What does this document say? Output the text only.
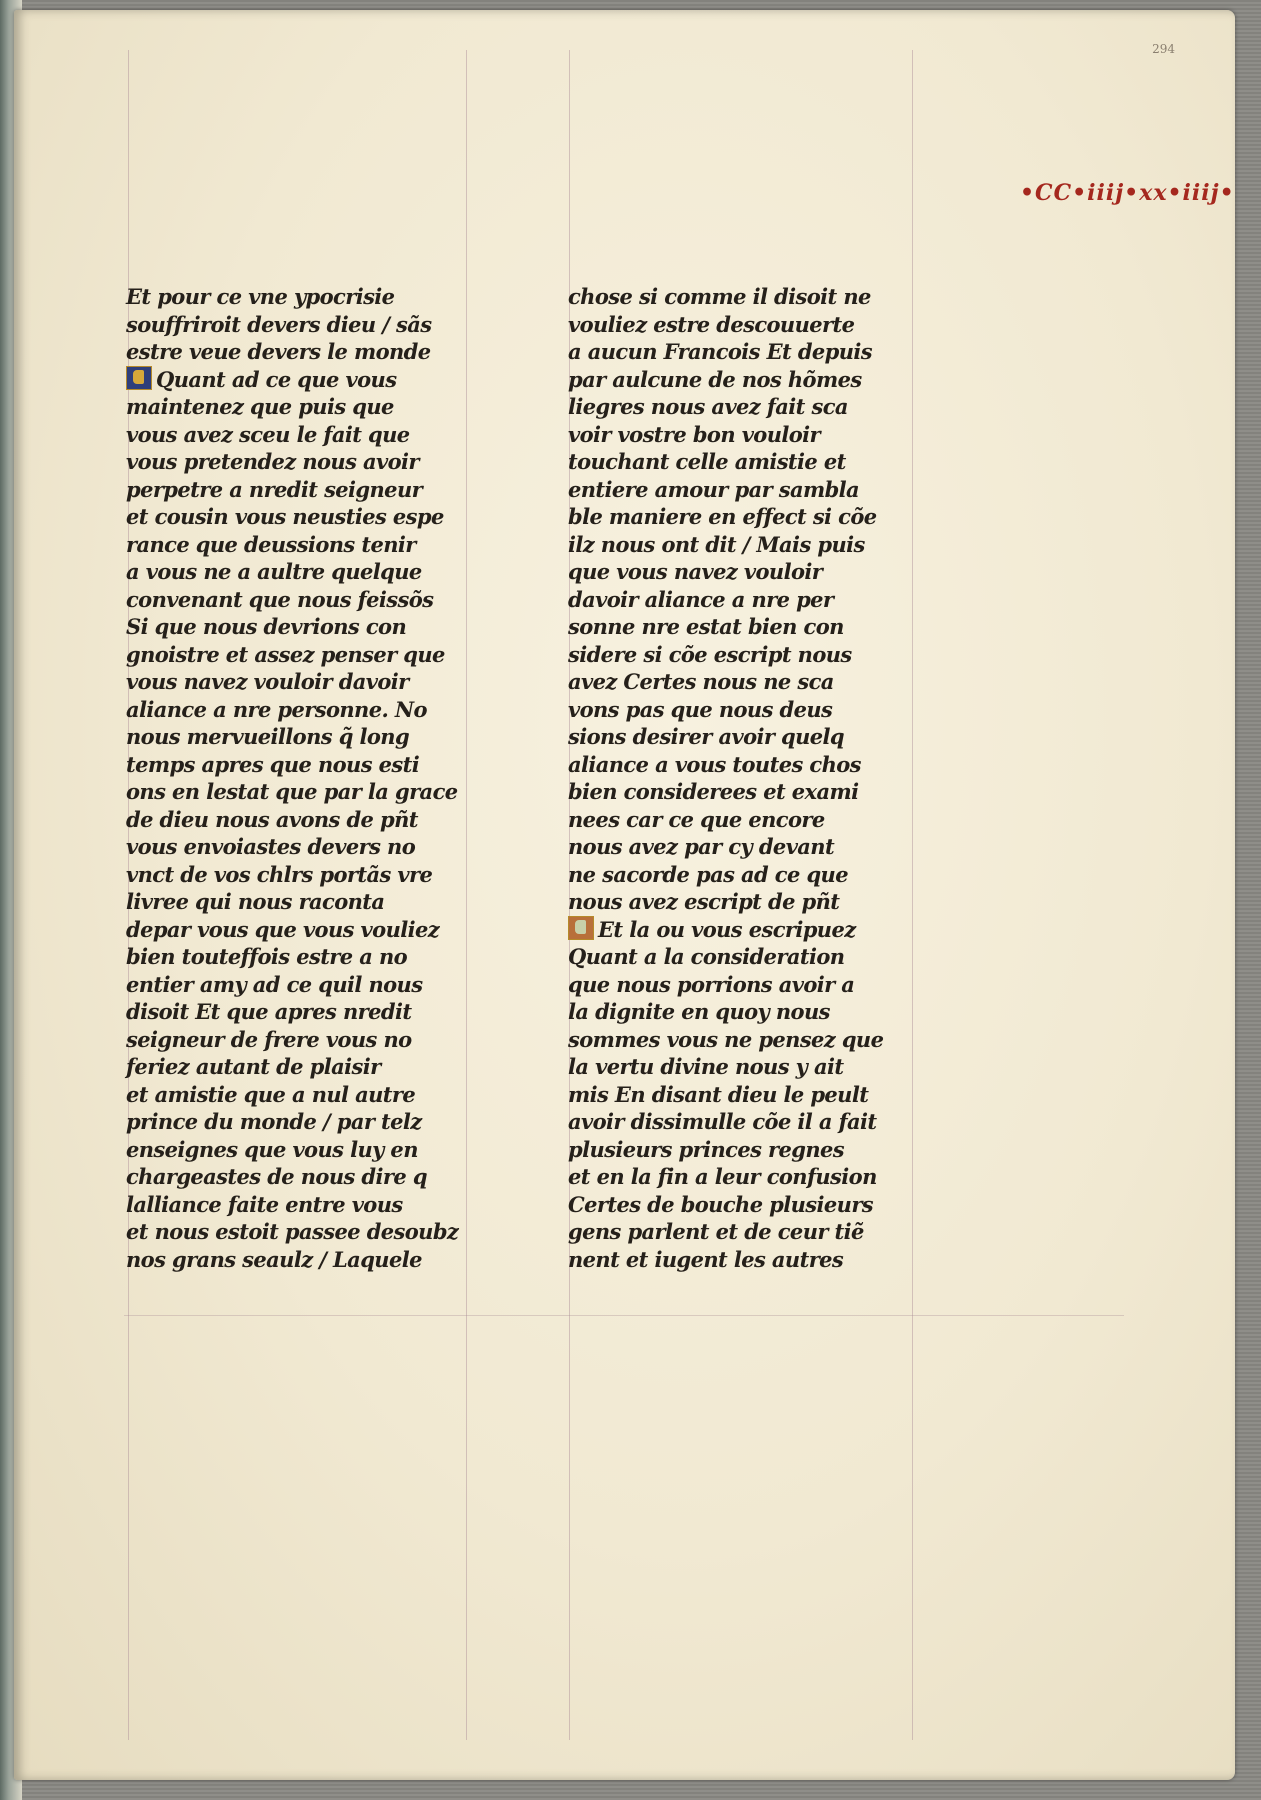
294
•CC•iiij•xx•iiij•
Et pour ce vne ypocrisie
souffriroit devers dieu / sãs
estre veue devers le monde
Quant ad ce que vous
maintenez que puis que
vous avez sceu le fait que
vous pretendez nous avoir
perpetre a nredit seigneur
et cousin vous neusties espe
rance que deussions tenir
a vous ne a aultre quelque
convenant que nous feissõs
Si que nous devrions con
gnoistre et assez penser que
vous navez vouloir davoir
aliance a nre personne. No
nous mervueillons q̃ long
temps apres que nous esti
ons en lestat que par la grace
de dieu nous avons de pñt
vous envoiastes devers no
vnct de vos chlrs portãs vre
livree qui nous raconta
depar vous que vous vouliez
bien touteffois estre a no
entier amy ad ce quil nous
disoit Et que apres nredit
seigneur de frere vous no
feriez autant de plaisir
et amistie que a nul autre
prince du monde / par telz
enseignes que vous luy en
chargeastes de nous dire q
lalliance faite entre vous
et nous estoit passee desoubz
nos grans seaulz / Laquele
chose si comme il disoit ne
vouliez estre descouuerte
a aucun Francois Et depuis
par aulcune de nos hõmes
liegres nous avez fait sca
voir vostre bon vouloir
touchant celle amistie et
entiere amour par sambla
ble maniere en effect si cõe
ilz nous ont dit / Mais puis
que vous navez vouloir
davoir aliance a nre per
sonne nre estat bien con
sidere si cõe escript nous
avez Certes nous ne sca
vons pas que nous deus
sions desirer avoir quelq
aliance a vous toutes chos
bien considerees et exami
nees car ce que encore
nous avez par cy devant
ne sacorde pas ad ce que
nous avez escript de pñt
Et la ou vous escripuez
Quant a la consideration
que nous porrions avoir a
la dignite en quoy nous
sommes vous ne pensez que
la vertu divine nous y ait
mis En disant dieu le peult
avoir dissimulle cõe il a fait
plusieurs princes regnes
et en la fin a leur confusion
Certes de bouche plusieurs
gens parlent et de ceur tiẽ
nent et iugent les autres
